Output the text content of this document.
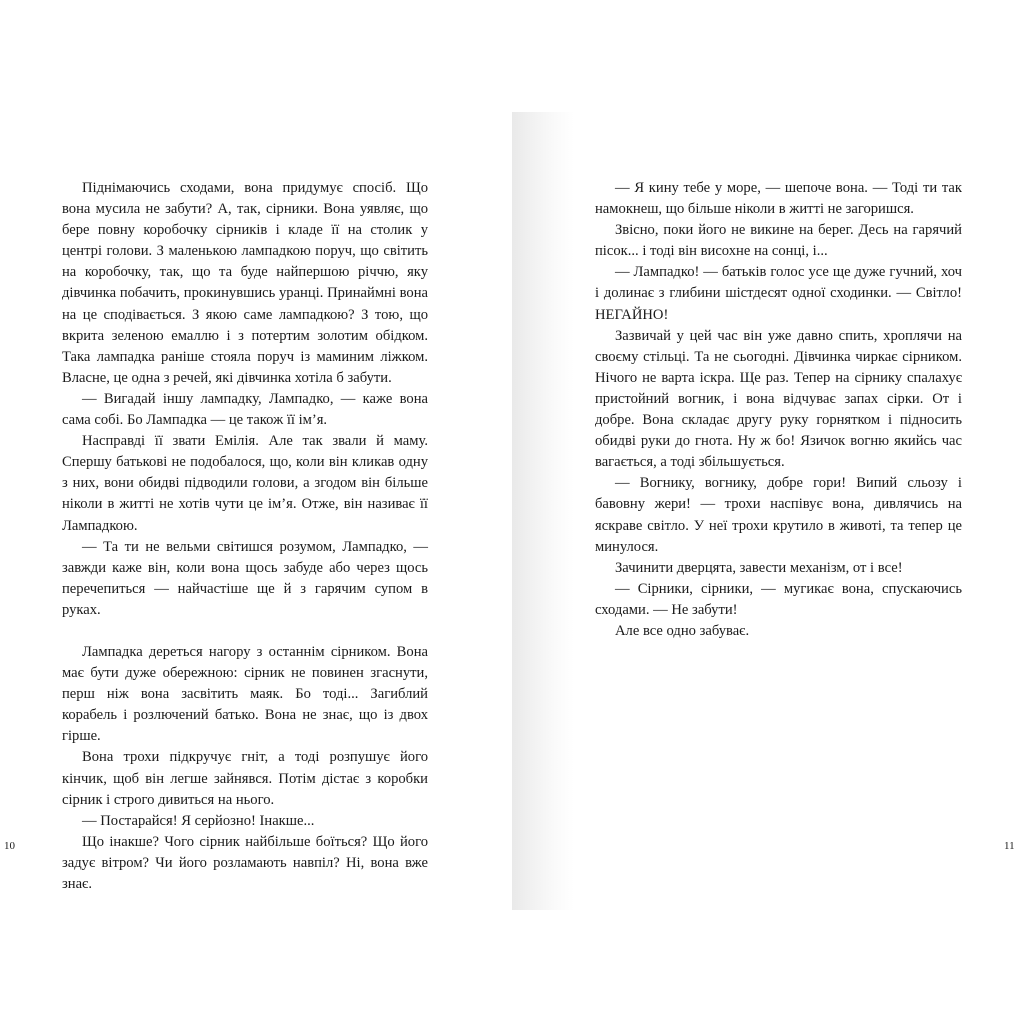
Піднімаючись сходами, вона придумує спосіб. Що вона мусила не забути? А, так, сірники. Вона уявляє, що бере повну коробочку сірників і кладе її на столик у центрі голови. З маленькою лампадкою поруч, що світить на коробочку, так, що та буде найпершою річчю, яку дівчинка побачить, прокинувшись уранці. Принаймні вона на це сподівається. З якою саме лампадкою? З тою, що вкрита зеленою емаллю і з потертим золотим обідком. Така лампадка раніше стояла поруч із маминим ліжком. Власне, це одна з речей, які дівчинка хотіла б забути.

— Вигадай іншу лампадку, Лампадко, — каже вона сама собі. Бо Лампадка — це також її ім’я.

Насправді її звати Емілія. Але так звали й маму. Спершу батькові не подобалося, що, коли він кликав одну з них, вони обидві підводили голови, а згодом він більше ніколи в житті не хотів чути це ім’я. Отже, він називає її Лампадкою.

— Та ти не вельми світишся розумом, Лампадко, — завжди каже він, коли вона щось забуде або через щось перечепиться — найчастіше ще й з гарячим супом в руках.

Лампадка дереться нагору з останнім сірником. Вона має бути дуже обережною: сірник не повинен згаснути, перш ніж вона засвітить маяк. Бо тоді... Загиблий корабель і розлючений батько. Вона не знає, що із двох гірше.

Вона трохи підкручує гніт, а тоді розпушує його кінчик, щоб він легше зайнявся. Потім дістає з коробки сірник і строго дивиться на нього.

— Постарайся! Я серйозно! Інакше...

Що інакше? Чого сірник найбільше боїться? Що його задує вітром? Чи його розламають навпіл? Ні, вона вже знає.

— Я кину тебе у море, — шепоче вона. — Тоді ти так намокнеш, що більше ніколи в житті не загоришся.

Звісно, поки його не викине на берег. Десь на гарячий пісок... і тоді він висохне на сонці, і...

— Лампадко! — батьків голос усе ще дуже гучний, хоч і долинає з глибини шістдесят одної сходинки. — Світло! НЕГАЙНО!

Зазвичай у цей час він уже давно спить, хроплячи на своєму стільці. Та не сьогодні. Дівчинка чиркає сірником. Нічого не варта іскра. Ще раз. Тепер на сірнику спалахує пристойний вогник, і вона відчуває запах сірки. От і добре. Вона складає другу руку горнятком і підносить обидві руки до гнота. Ну ж бо! Язичок вогню якийсь час вагається, а тоді збільшується.

— Вогнику, вогнику, добре гори! Випий сльозу і бавовну жери! — трохи наспівує вона, дивлячись на яскраве світло. У неї трохи крутило в животі, та тепер це минулося.

Зачинити дверцята, завести механізм, от і все!

— Сірники, сірники, — мугикає вона, спускаючись сходами. — Не забути!

Але все одно забуває.

10	11
